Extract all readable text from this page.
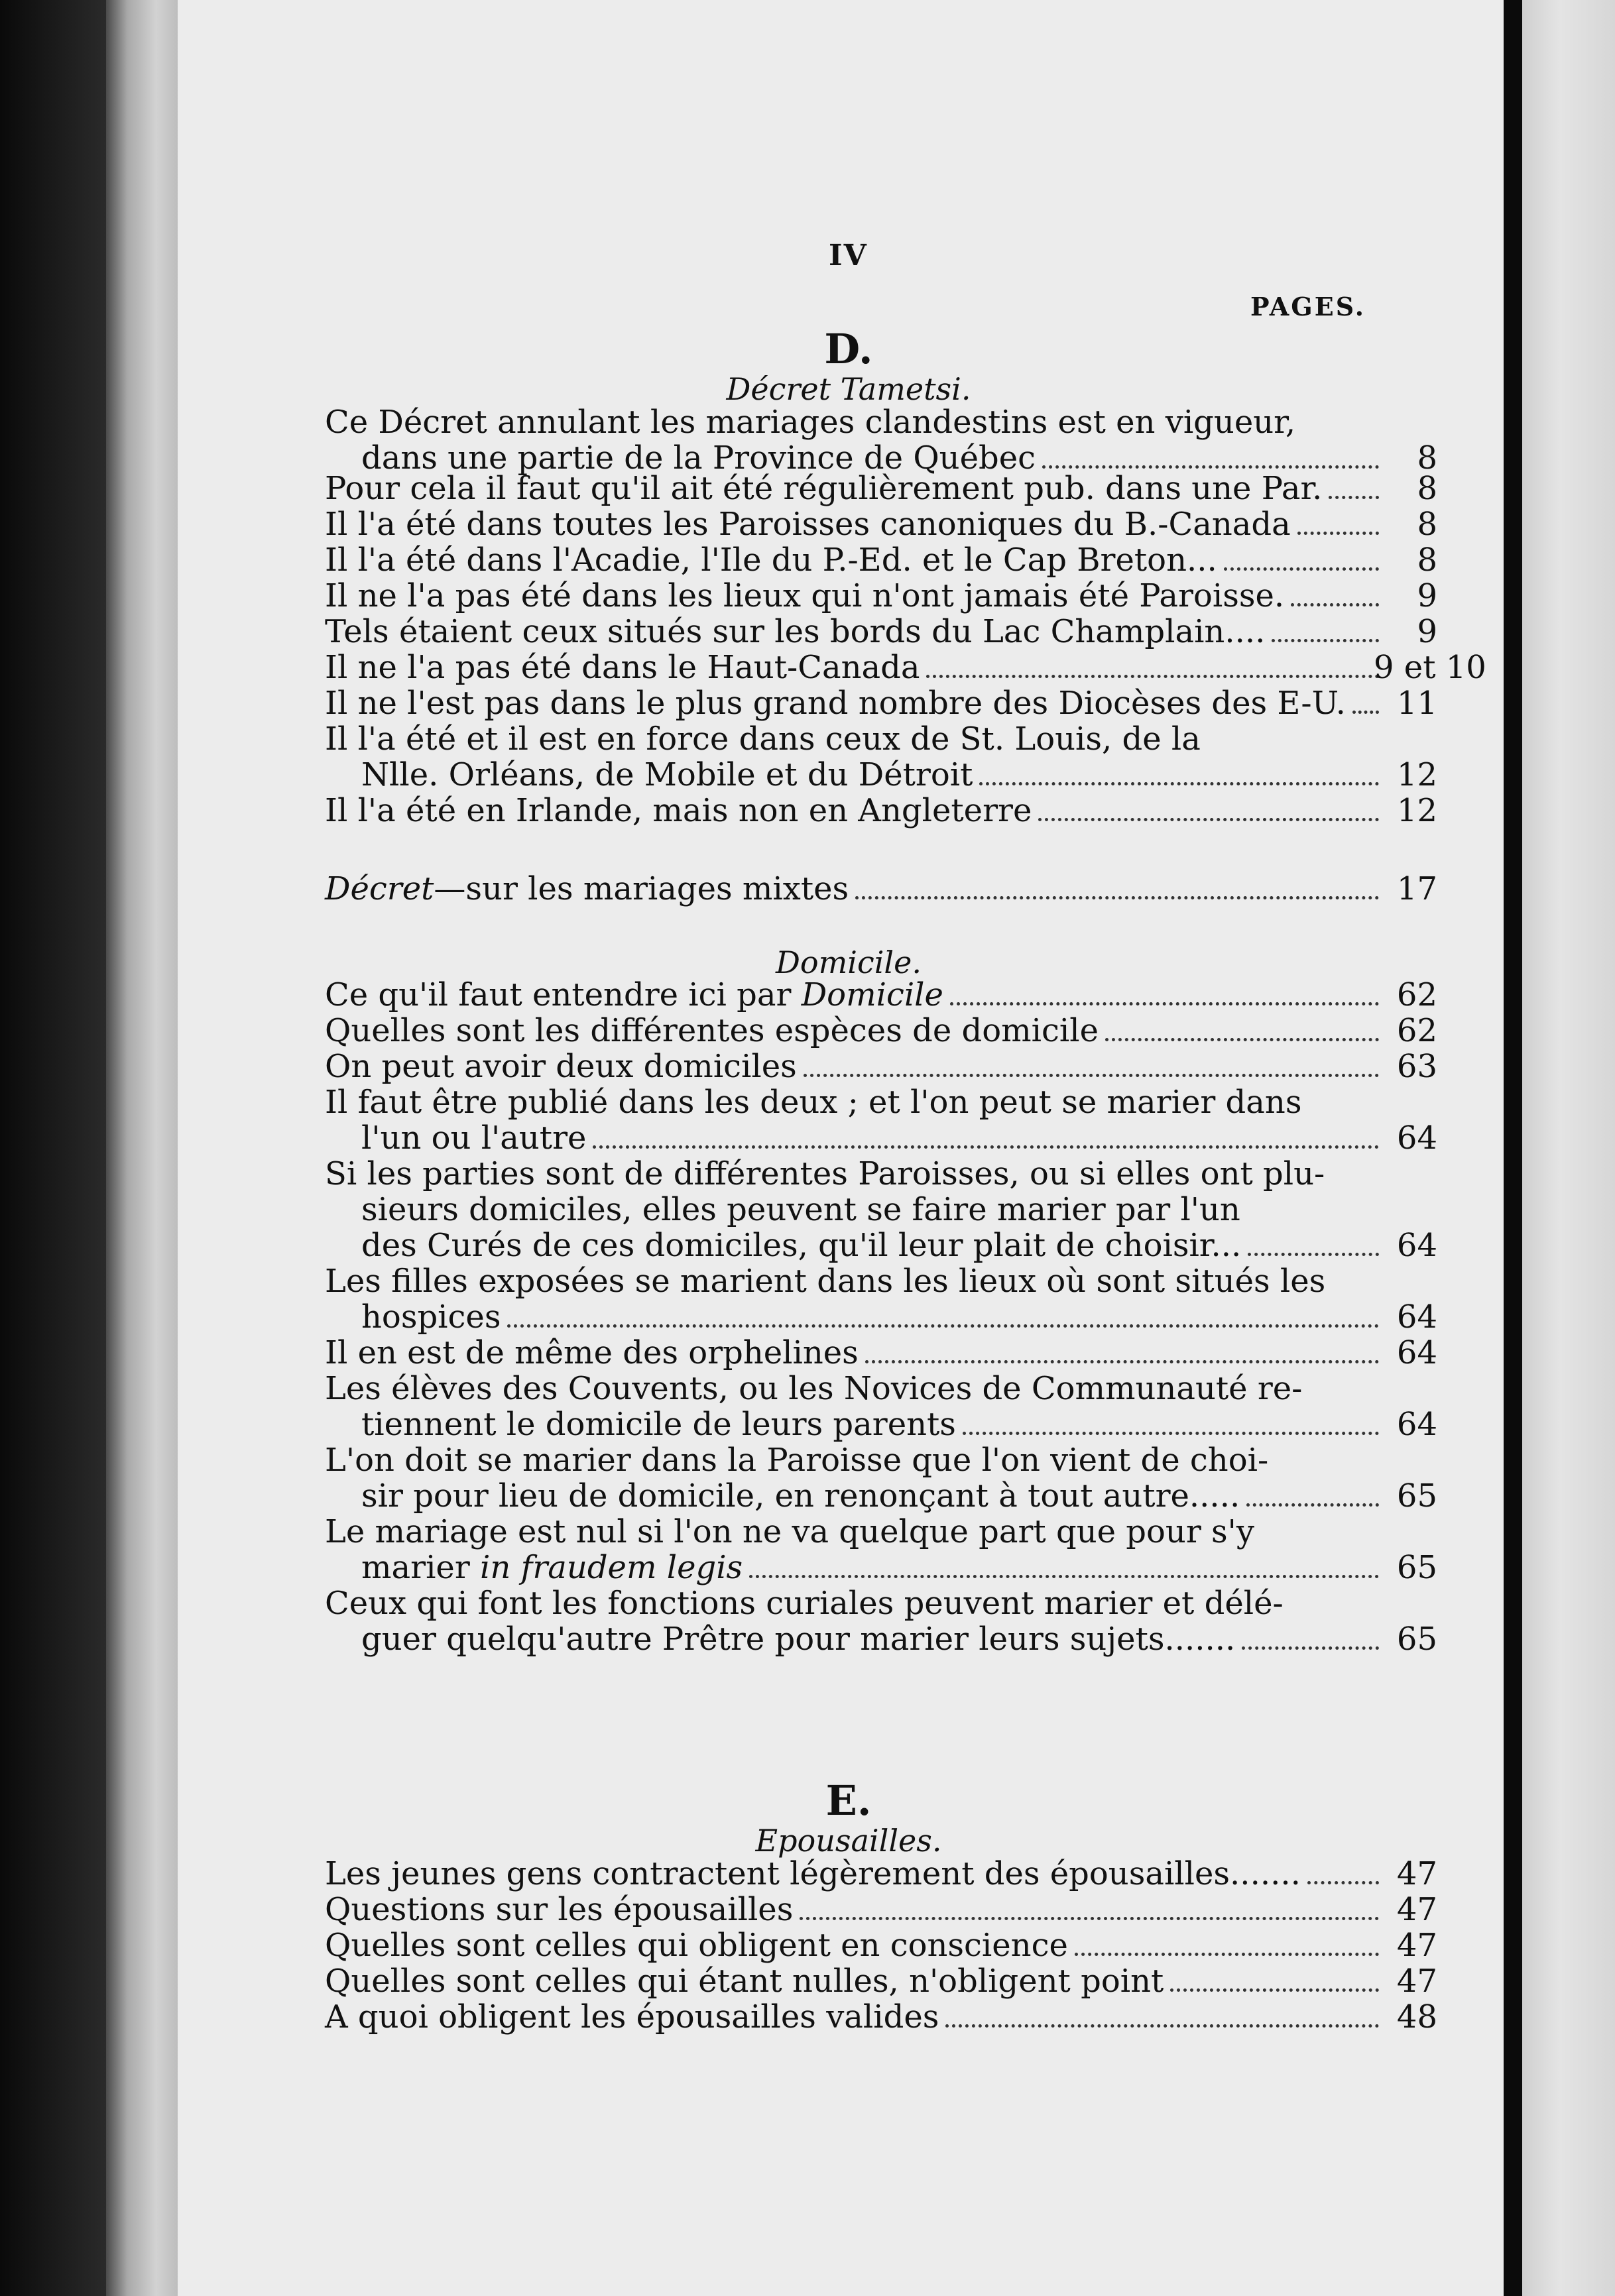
IV
PAGES.
D.
Décret Tametsi.
Ce Décret annulant les mariages clandestins est en vigueur,
8
dans une partie de la Province de Québec
8
Pour cela il faut qu'il ait été régulièrement pub. dans une Par.
8
Il l'a été dans toutes les Paroisses canoniques du B.-Canada
8
Il l'a été dans l'Acadie, l'Ile du P.-Ed. et le Cap Breton...
9
Il ne l'a pas été dans les lieux qui n'ont jamais été Paroisse.
9
Tels étaient ceux situés sur les bords du Lac Champlain....
9 et 10
Il ne l'a pas été dans le Haut-Canada
11
Il ne l'est pas dans le plus grand nombre des Diocèses des E-U.
Il l'a été et il est en force dans ceux de St. Louis, de la
12
Nlle. Orléans, de Mobile et du Détroit
12
Il l'a été en Irlande, mais non en Angleterre
17
Décret —sur les mariages mixtes
Domicile.
62
Ce qu'il faut entendre ici par Domicile
62
Quelles sont les différentes espèces de domicile
63
On peut avoir deux domiciles
Il faut être publié dans les deux ; et l'on peut se marier dans
64
l'un ou l'autre
Si les parties sont de différentes Paroisses, ou si elles ont plu-
sieurs domiciles, elles peuvent se faire marier par l'un
64
des Curés de ces domiciles, qu'il leur plait de choisir...
Les filles exposées se marient dans les lieux où sont situés les
64
hospices
64
Il en est de même des orphelines
Les élèves des Couvents, ou les Novices de Communauté re-
64
tiennent le domicile de leurs parents
L'on doit se marier dans la Paroisse que l'on vient de choi-
65
sir pour lieu de domicile, en renonçant à tout autre.....
Le mariage est nul si l'on ne va quelque part que pour s'y
65
marier in fraudem legis
Ceux qui font les fonctions curiales peuvent marier et délé-
65
guer quelqu'autre Prêtre pour marier leurs sujets.......
E.
Epousailles.
47
Les jeunes gens contractent légèrement des épousailles.......
47
Questions sur les épousailles
47
Quelles sont celles qui obligent en conscience
47
Quelles sont celles qui étant nulles, n'obligent point
48
A quoi obligent les épousailles valides
